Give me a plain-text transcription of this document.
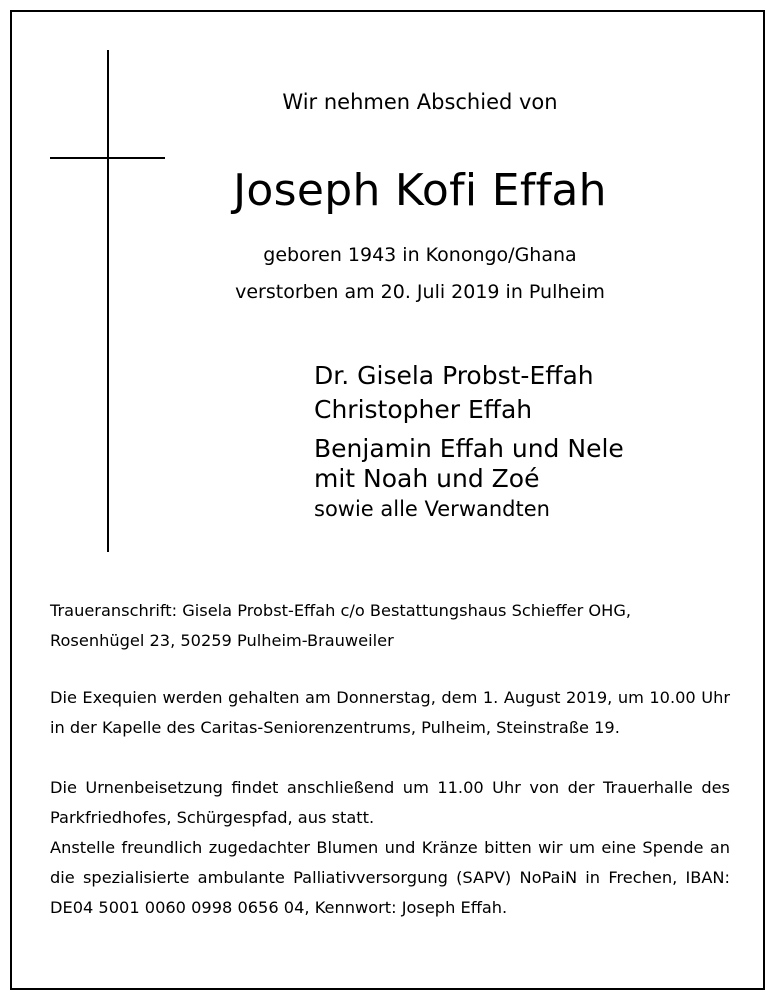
Wir nehmen Abschied von

Joseph Kofi Effah

geboren 1943 in Konongo/Ghana

verstorben am 20. Juli 2019 in Pulheim

Dr. Gisela Probst-Effah
Christopher Effah
Benjamin Effah und Nele
mit Noah und Zoé
sowie alle Verwandten
Traueranschrift: Gisela Probst-Effah c/o Bestattungshaus Schieffer OHG,
Rosenhügel 23, 50259 Pulheim-Brauweiler

Die Exequien werden gehalten am Donnerstag, dem 1. August 2019, um 10.00 Uhr in der Kapelle des Caritas-Seniorenzentrums, Pulheim, Steinstraße 19.

Die Urnenbeisetzung findet anschließend um 11.00 Uhr von der Trauerhalle des Parkfriedhofes, Schürgespfad, aus statt.

Anstelle freundlich zugedachter Blumen und Kränze bitten wir um eine Spende an die spezialisierte ambulante Palliativversorgung (SAPV) NoPaiN in Frechen, IBAN: DE04 5001 0060 0998 0656 04, Kennwort: Joseph Effah.
